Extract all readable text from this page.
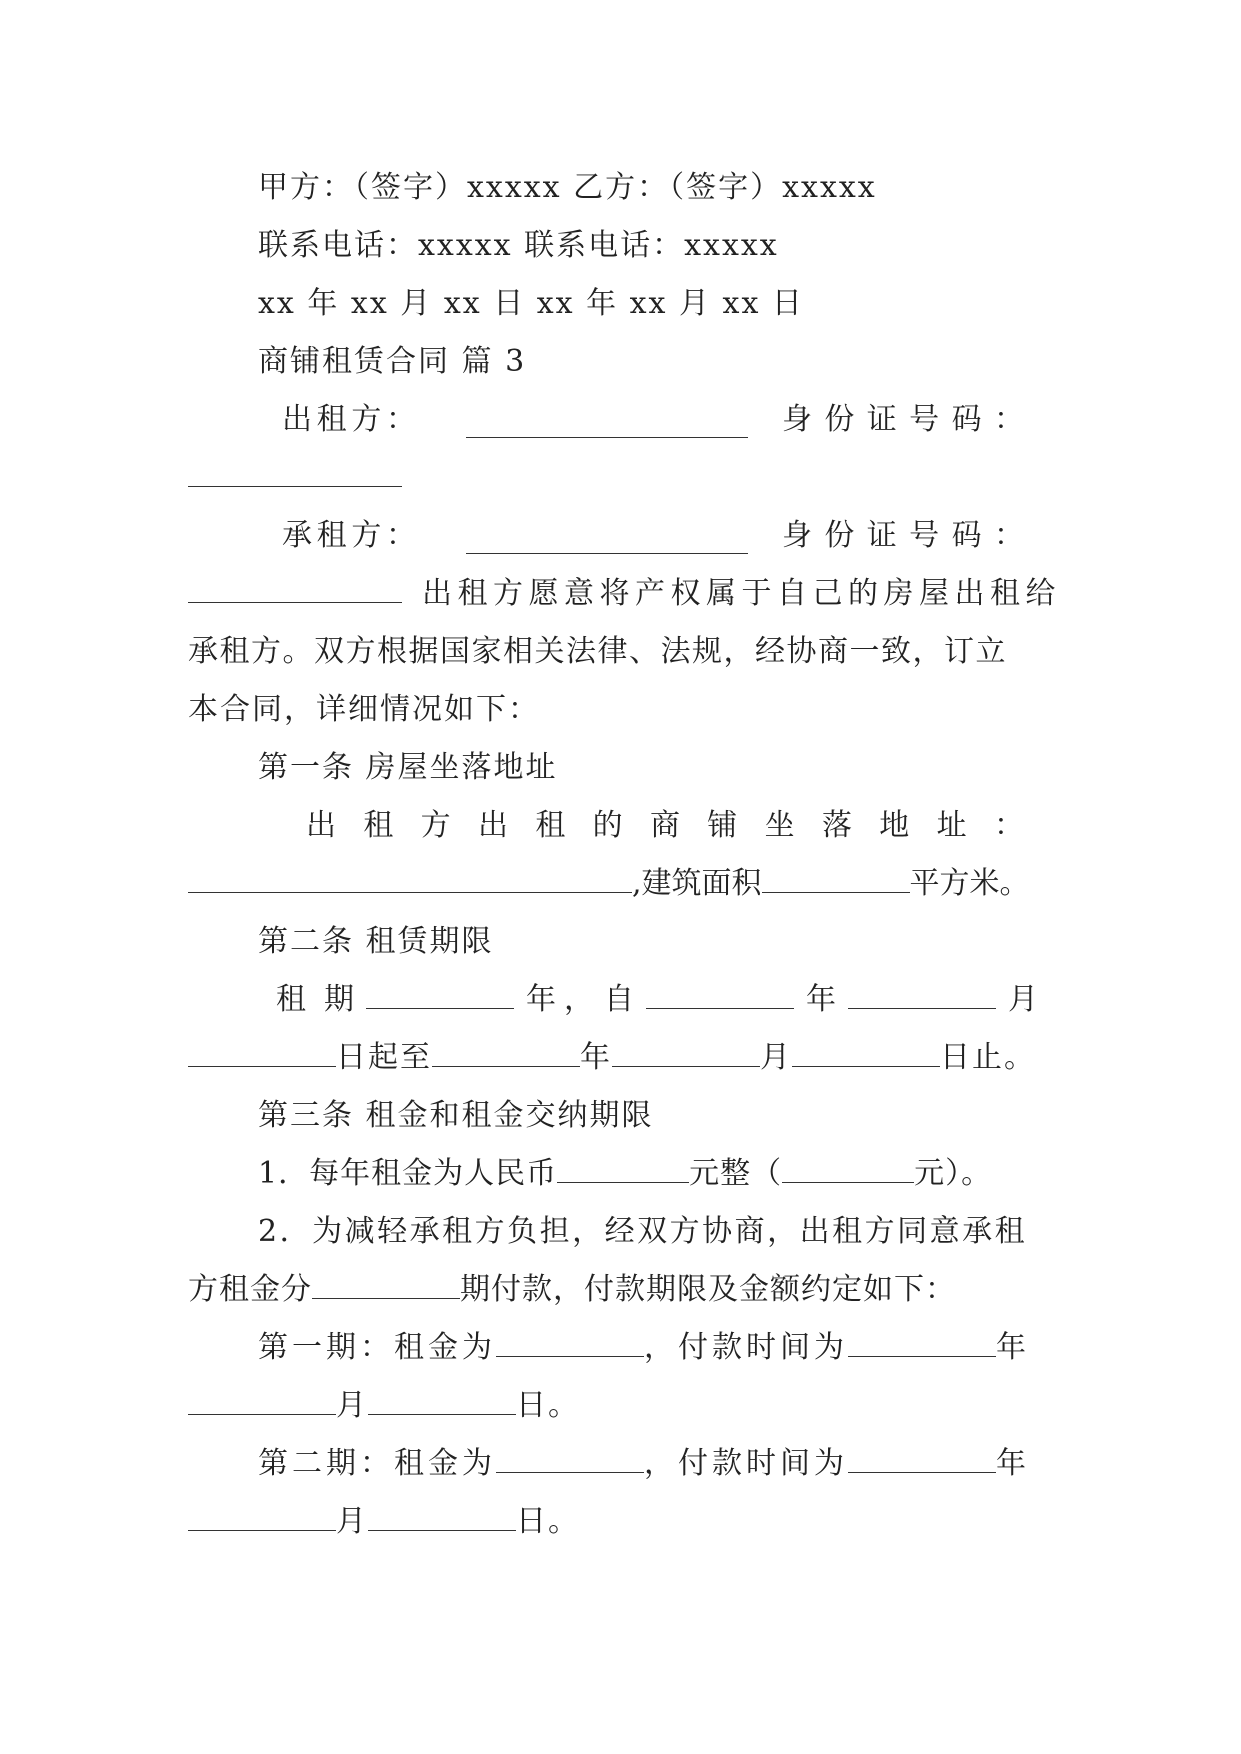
甲方：（签字）xxxxx 乙方：（签字）xxxxx
联系电话：xxxxx 联系电话：xxxxx
xx 年 xx 月 xx 日 xx 年 xx 月 xx 日
商铺租赁合同 篇 3
出 租 方 ：	身 份 证 号 码 ：
承 租 方 ：	身 份 证 号 码 ：
出租方愿意将产权属于自己的房屋出租给
承租方。双方根据国家相关法律、法规，经协商一致，订立
本合同，详细情况如下：
第一条 房屋坐落地址
出 租 方 出 租 的 商 铺 坐 落 地 址 ：
,建筑面积	平方米。
第二条 租赁期限
租 期	年 ， 自	年	月
日起至	年	月	日止。
第三条 租金和租金交纳期限
1．每年租金为人民币	元整（	元）。
2．为减轻承租方负担，经双方协商，出租方同意承租
方租金分	期付款，付款期限及金额约定如下：
第一期：租金为	，付款时间为	年
月	日。
第二期：租金为	，付款时间为	年
月	日。
